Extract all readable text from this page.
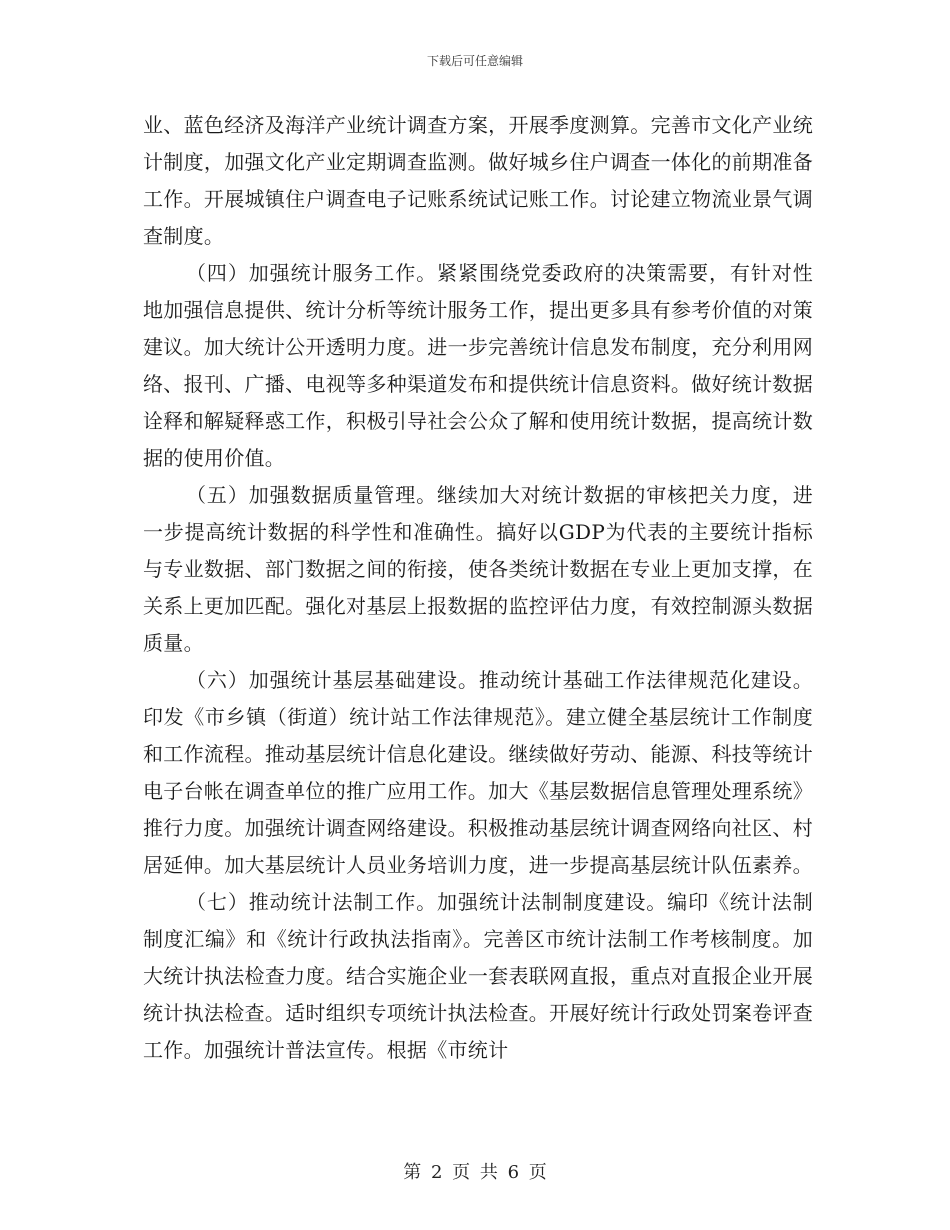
下载后可任意编辑

业、蓝色经济及海洋产业统计调查方案，开展季度测算。完善市文化产业统计制度，加强文化产业定期调查监测。做好城乡住户调查一体化的前期准备工作。开展城镇住户调查电子记账系统试记账工作。讨论建立物流业景气调查制度。

（四）加强统计服务工作。紧紧围绕党委政府的决策需要，有针对性地加强信息提供、统计分析等统计服务工作，提出更多具有参考价值的对策建议。加大统计公开透明力度。进一步完善统计信息发布制度，充分利用网络、报刊、广播、电视等多种渠道发布和提供统计信息资料。做好统计数据诠释和解疑释惑工作，积极引导社会公众了解和使用统计数据，提高统计数据的使用价值。

（五）加强数据质量管理。继续加大对统计数据的审核把关力度，进一步提高统计数据的科学性和准确性。搞好以GDP为代表的主要统计指标与专业数据、部门数据之间的衔接，使各类统计数据在专业上更加支撑，在关系上更加匹配。强化对基层上报数据的监控评估力度，有效控制源头数据质量。

（六）加强统计基层基础建设。推动统计基础工作法律规范化建设。印发《市乡镇（街道）统计站工作法律规范》。建立健全基层统计工作制度和工作流程。推动基层统计信息化建设。继续做好劳动、能源、科技等统计电子台帐在调查单位的推广应用工作。加大《基层数据信息管理处理系统》推行力度。加强统计调查网络建设。积极推动基层统计调查网络向社区、村居延伸。加大基层统计人员业务培训力度，进一步提高基层统计队伍素养。

（七）推动统计法制工作。加强统计法制制度建设。编印《统计法制制度汇编》和《统计行政执法指南》。完善区市统计法制工作考核制度。加大统计执法检查力度。结合实施企业一套表联网直报，重点对直报企业开展统计执法检查。适时组织专项统计执法检查。开展好统计行政处罚案卷评查工作。加强统计普法宣传。根据《市统计

第 2 页 共 6 页
